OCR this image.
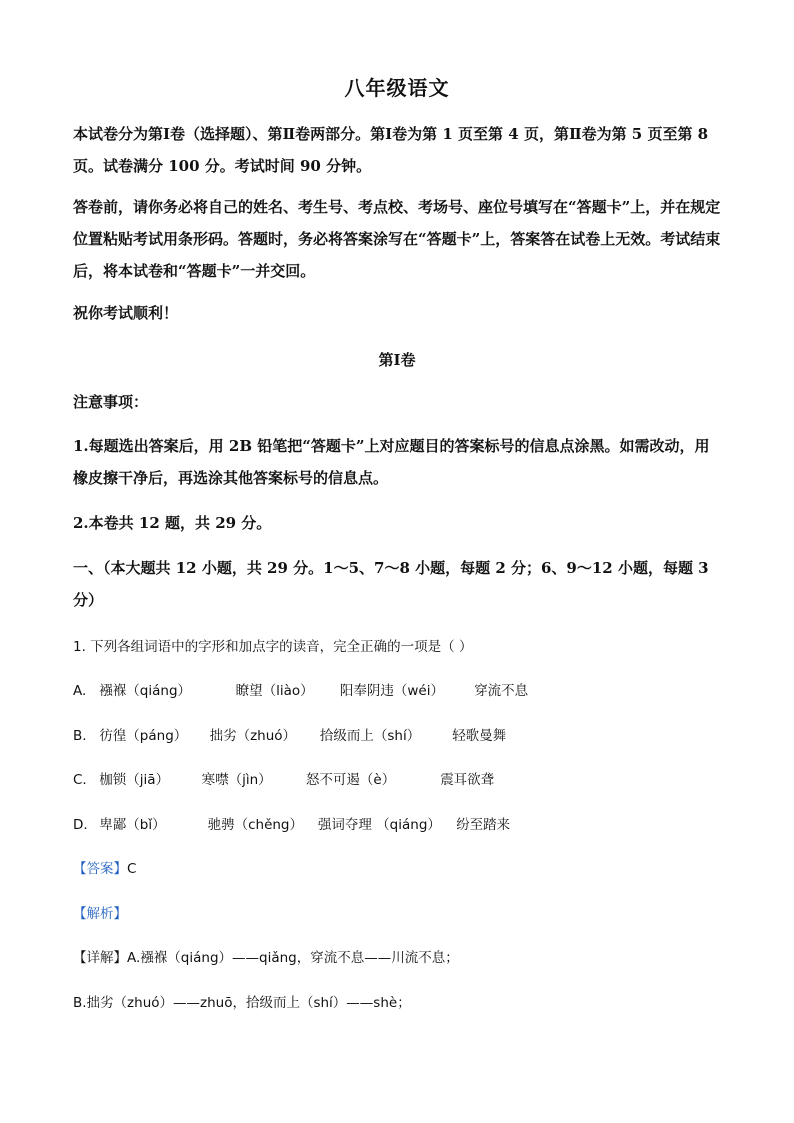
八年级语文

本试卷分为第Ⅰ卷（选择题）、第Ⅱ卷两部分。第Ⅰ卷为第 1 页至第 4 页，第Ⅱ卷为第 5 页至第 8 页。试卷满分 100 分。考试时间 90 分钟。

答卷前，请你务必将自己的姓名、考生号、考点校、考场号、座位号填写在“答题卡”上，并在规定位置粘贴考试用条形码。答题时，务必将答案涂写在“答题卡”上，答案答在试卷上无效。考试结束后，将本试卷和“答题卡”一并交回。

祝你考试顺利！

第Ⅰ卷

注意事项：

1.每题选出答案后，用 2B 铅笔把“答题卡”上对应题目的答案标号的信息点涂黑。如需改动，用橡皮擦干净后，再选涂其他答案标号的信息点。

2.本卷共 12 题，共 29 分。

一、（本大题共 12 小题，共 29 分。1～5、7～8 小题，每题 2 分；6、9～12 小题，每题 3 分）

1. 下列各组词语中的字形和加点字的读音，完全正确的一项是（ ）
A. 襁褓（qiáng）	瞭望（liào） 阳奉阴违（wéi） 穿流不息
B. 彷徨（páng） 拙劣（zhuó） 拾级而上（shí） 轻歌曼舞
C. 枷锁（jiā） 寒噤（jìn）	怒不可遏（è）	震耳欲聋
D. 卑鄙（bǐ）	驰骋（chěng） 强词夺理 （qiáng） 纷至踏来
【答案】C
【解析】
【详解】A.襁褓（qiáng）——qiǎng，穿流不息——川流不息；
B.拙劣（zhuó）——zhuō，拾级而上（shí）——shè；
